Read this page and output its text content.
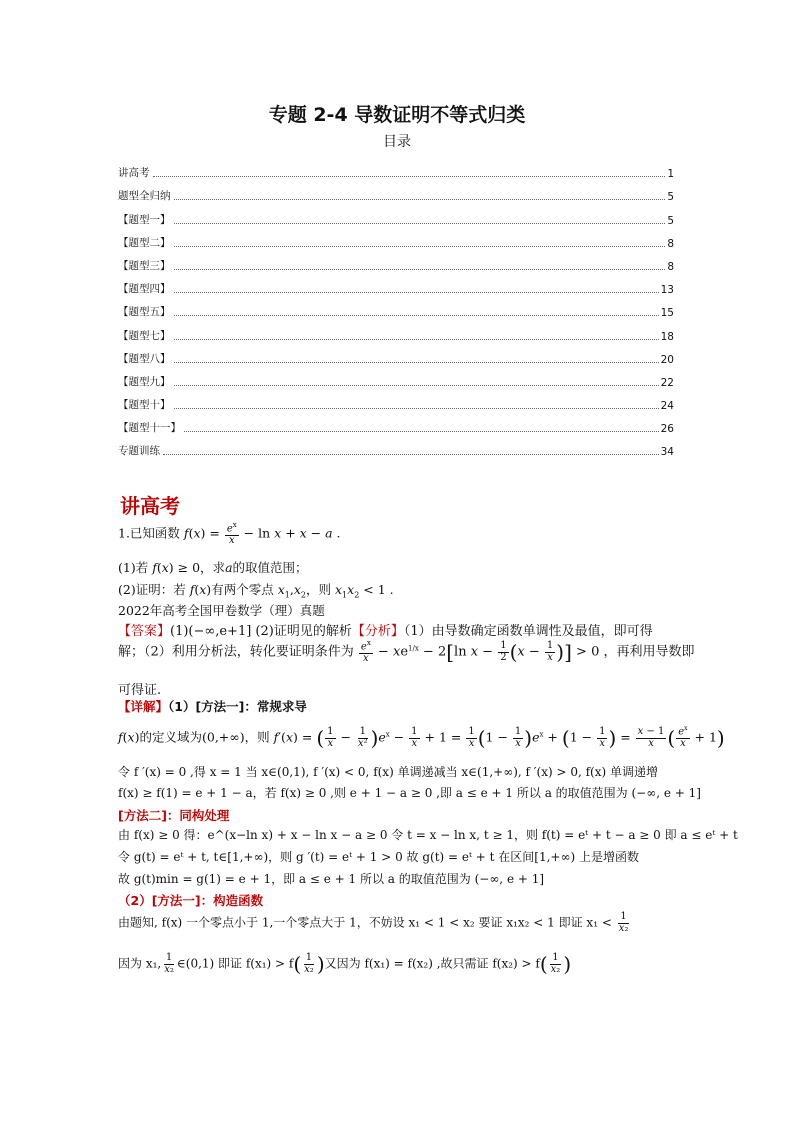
专题 2-4 导数证明不等式归类
目录
讲高考	1
题型全归纳	5
【题型一】	5
【题型二】	8
【题型三】	8
【题型四】	13
【题型五】	15
【题型七】	18
【题型八】	20
【题型九】	22
【题型十】	24
【题型十一】	26
专题训练	34
讲高考
1.已知函数 $f(x) = \frac{e^x}{x} - \ln x + x - a$ .
(1)若 f(x) ≥ 0，求a的取值范围；
(2)证明：若 f(x)有两个零点 $x_1,x_2$，则 $x_1x_2 < 1$ .
2022年高考全国甲卷数学（理）真题
【答案】(1)(−∞,e+1] (2)证明见的解析【分析】（1）由导数确定函数单调性及最值，即可得
解；（2）利用分析法，转化要证明条件为 $\frac{e^x}{x} - xe^{1/x} - 2[\ln$ $x - \frac{1}{2} (x - \frac{1}{x}$ )] > 0 ，再利用导数即
可得证.
【详解】（1）[方法一]：常规求导
f(x)的定义域为(0,+∞)，则 f′(x) = ( $\frac{1}{x} - \frac{1}{\text{x²}} )e^x - \frac{1}{x} + 1 = \frac{1}{x} (1 - \frac{1}{x} )e^x + (1 - \frac{1}{x}$ ) = $\frac{x - 1}{x}$ ( $\frac{e^x}{x} + 1$)
令 f ′(x) = 0 ,得 x = 1 当 x∈(0,1), f ′(x) < 0, f(x) 单调递减当 x∈(1,+∞), f ′(x) > 0, f(x) 单调递增
f(x) ≥ f(1) = e + 1 − a，若 f(x) ≥ 0 ,则 e + 1 − a ≥ 0 ,即 a ≤ e + 1 所以 a 的取值范围为 (−∞, e + 1]
[方法二]：同构处理
由 f(x) ≥ 0 得：e^(x−ln x) + x − ln x − a ≥ 0 令 t = x − ln x, t ≥ 1，则 f(t) = eᵗ + t − a ≥ 0 即 a ≤ eᵗ + t
令 g(t) = eᵗ + t, t∈[1,+∞)，则 g ′(t) = eᵗ + 1 > 0 故 g(t) = eᵗ + t 在区间[1,+∞) 上是增函数
故 g(t)min = g(1) = e + 1，即 a ≤ e + 1 所以 a 的取值范围为 (−∞, e + 1]
（2）[方法一]：构造函数
由题知, f(x) 一个零点小于 1,一个零点大于 1，不妨设 x₁ < 1 < x₂ 要证 x₁x₂ < 1 即证 $x_1 < \frac{1}{\text{x₂}}$
因为 x₁, $\frac{1}{\text{x₂}}$ ∈(0,1) 即证 $f(x_1) > f( \frac{1}{\text{x₂}}$ )又因为 f(x₁) = f(x₂) ,故只需证 $f(x_2) > f( \frac{1}{\text{x₂}}$ )
